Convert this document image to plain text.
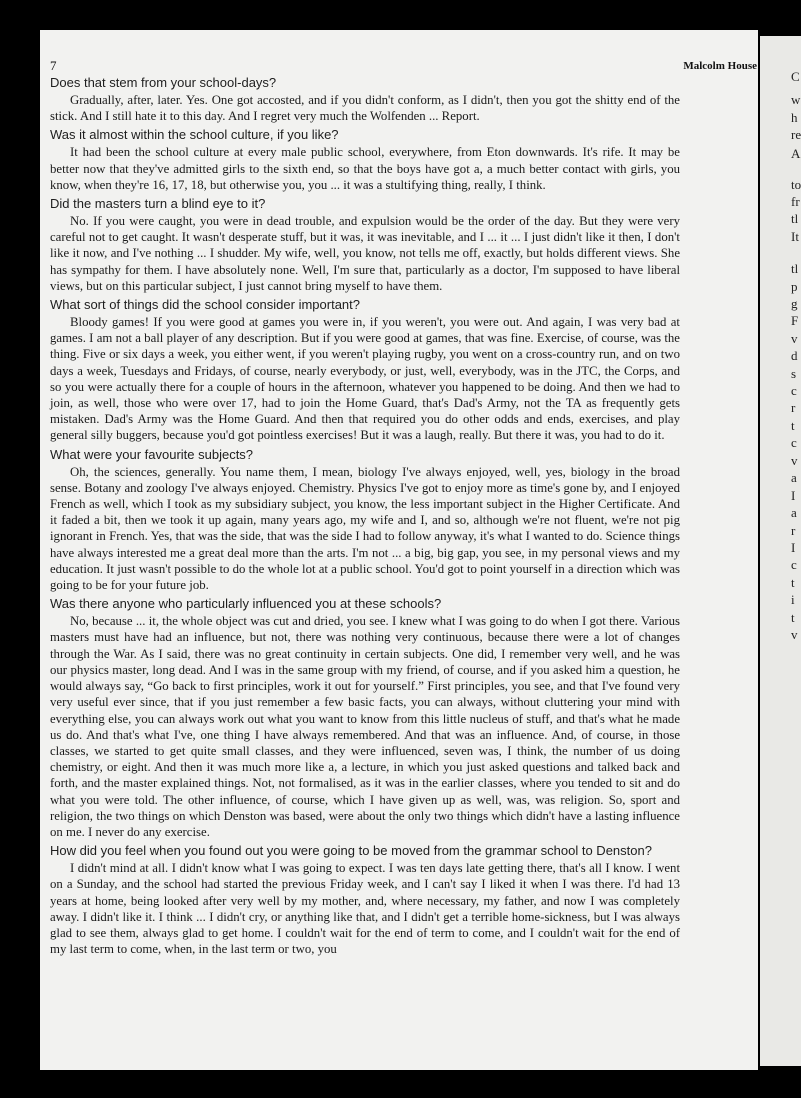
C
w
h
re
A
to
fr
tl
It
tl
p
g
F
v
d
s
c
r
t
c
v
a
I
a
r
I
c
t
i
t
v
7	Malcolm House
Does that stem from your school-days?

Gradually, after, later. Yes. One got accosted, and if you didn't conform, as I didn't, then you got the shitty end of the stick. And I still hate it to this day. And I regret very much the Wolfenden ... Report.

Was it almost within the school culture, if you like?

It had been the school culture at every male public school, everywhere, from Eton downwards. It's rife. It may be better now that they've admitted girls to the sixth end, so that the boys have got a, a much better contact with girls, you know, when they're 16, 17, 18, but otherwise you, you ... it was a stultifying thing, really, I think.

Did the masters turn a blind eye to it?

No. If you were caught, you were in dead trouble, and expulsion would be the order of the day. But they were very careful not to get caught. It wasn't desperate stuff, but it was, it was inevitable, and I ... it ... I just didn't like it then, I don't like it now, and I've nothing ... I shudder. My wife, well, you know, not tells me off, exactly, but holds different views. She has sympathy for them. I have absolutely none. Well, I'm sure that, particularly as a doctor, I'm supposed to have liberal views, but on this particular subject, I just cannot bring myself to have them.

What sort of things did the school consider important?

Bloody games! If you were good at games you were in, if you weren't, you were out. And again, I was very bad at games. I am not a ball player of any description. But if you were good at games, that was fine. Exercise, of course, was the thing. Five or six days a week, you either went, if you weren't playing rugby, you went on a cross-country run, and on two days a week, Tuesdays and Fridays, of course, nearly everybody, or just, well, everybody, was in the JTC, the Corps, and so you were actually there for a couple of hours in the afternoon, whatever you happened to be doing. And then we had to join, as well, those who were over 17, had to join the Home Guard, that's Dad's Army, not the TA as frequently gets mistaken. Dad's Army was the Home Guard. And then that required you do other odds and ends, exercises, and play general silly buggers, because you'd got pointless exercises! But it was a laugh, really. But there it was, you had to do it.

What were your favourite subjects?

Oh, the sciences, generally. You name them, I mean, biology I've always enjoyed, well, yes, biology in the broad sense. Botany and zoology I've always enjoyed. Chemistry. Physics I've got to enjoy more as time's gone by, and I enjoyed French as well, which I took as my subsidiary subject, you know, the less important subject in the Higher Certificate. And it faded a bit, then we took it up again, many years ago, my wife and I, and so, although we're not fluent, we're not pig ignorant in French. Yes, that was the side, that was the side I had to follow anyway, it's what I wanted to do. Science things have always interested me a great deal more than the arts. I'm not ... a big, big gap, you see, in my personal views and my education. It just wasn't possible to do the whole lot at a public school. You'd got to point yourself in a direction which was going to be for your future job.

Was there anyone who particularly influenced you at these schools?

No, because ... it, the whole object was cut and dried, you see. I knew what I was going to do when I got there. Various masters must have had an influence, but not, there was nothing very continuous, because there were a lot of changes through the War. As I said, there was no great continuity in certain subjects. One did, I remember very well, and he was our physics master, long dead. And I was in the same group with my friend, of course, and if you asked him a question, he would always say, “Go back to first principles, work it out for yourself.” First principles, you see, and that I've found very very useful ever since, that if you just remember a few basic facts, you can always, without cluttering your mind with everything else, you can always work out what you want to know from this little nucleus of stuff, and that's what he made us do. And that's what I've, one thing I have always remembered. And that was an influence. And, of course, in those classes, we started to get quite small classes, and they were influenced, seven was, I think, the number of us doing chemistry, or eight. And then it was much more like a, a lecture, in which you just asked questions and talked back and forth, and the master explained things. Not, not formalised, as it was in the earlier classes, where you tended to sit and do what you were told. The other influence, of course, which I have given up as well, was, was religion. So, sport and religion, the two things on which Denston was based, were about the only two things which didn't have a lasting influence on me. I never do any exercise.

How did you feel when you found out you were going to be moved from the grammar school to Denston?

I didn't mind at all. I didn't know what I was going to expect. I was ten days late getting there, that's all I know. I went on a Sunday, and the school had started the previous Friday week, and I can't say I liked it when I was there. I'd had 13 years at home, being looked after very well by my mother, and, where necessary, my father, and now I was completely away. I didn't like it. I think ... I didn't cry, or anything like that, and I didn't get a terrible home-sickness, but I was always glad to see them, always glad to get home. I couldn't wait for the end of term to come, and I couldn't wait for the end of my last term to come, when, in the last term or two, you
